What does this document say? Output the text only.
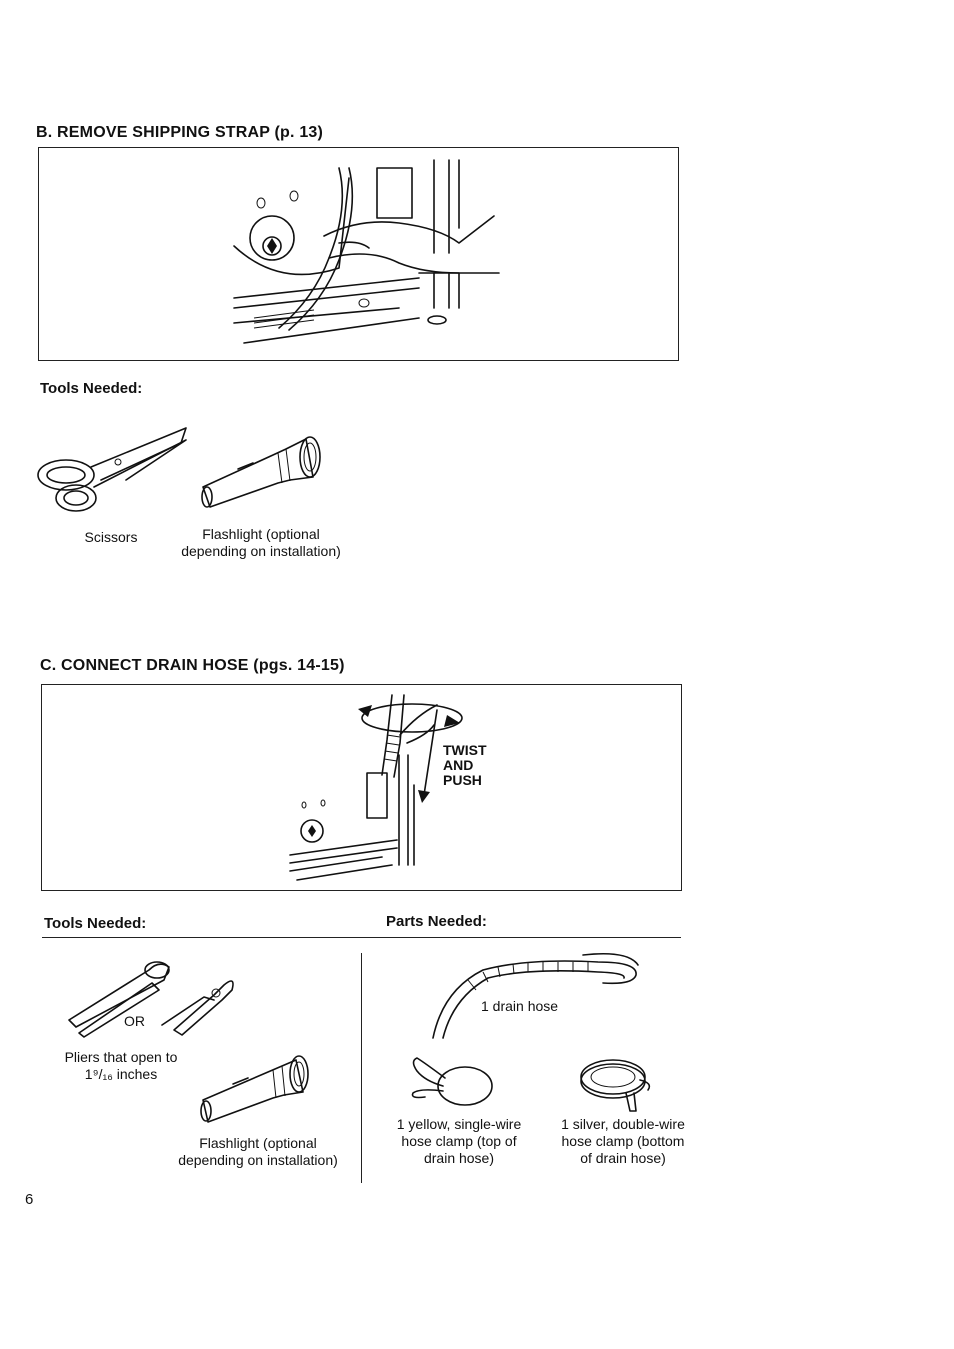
B. REMOVE SHIPPING STRAP (p. 13)
Tools Needed:
Scissors	Flashlight (optional depending on installation)
C. CONNECT DRAIN HOSE (pgs. 14-15)
TWIST AND PUSH
Tools Needed:	Parts Needed:
OR
Pliers that open to 1⁹/₁₆ inches
Flashlight (optional depending on installation)
1 drain hose
1 yellow, single-wire hose clamp (top of drain hose)
1 silver, double-wire hose clamp (bottom of drain hose)
6
